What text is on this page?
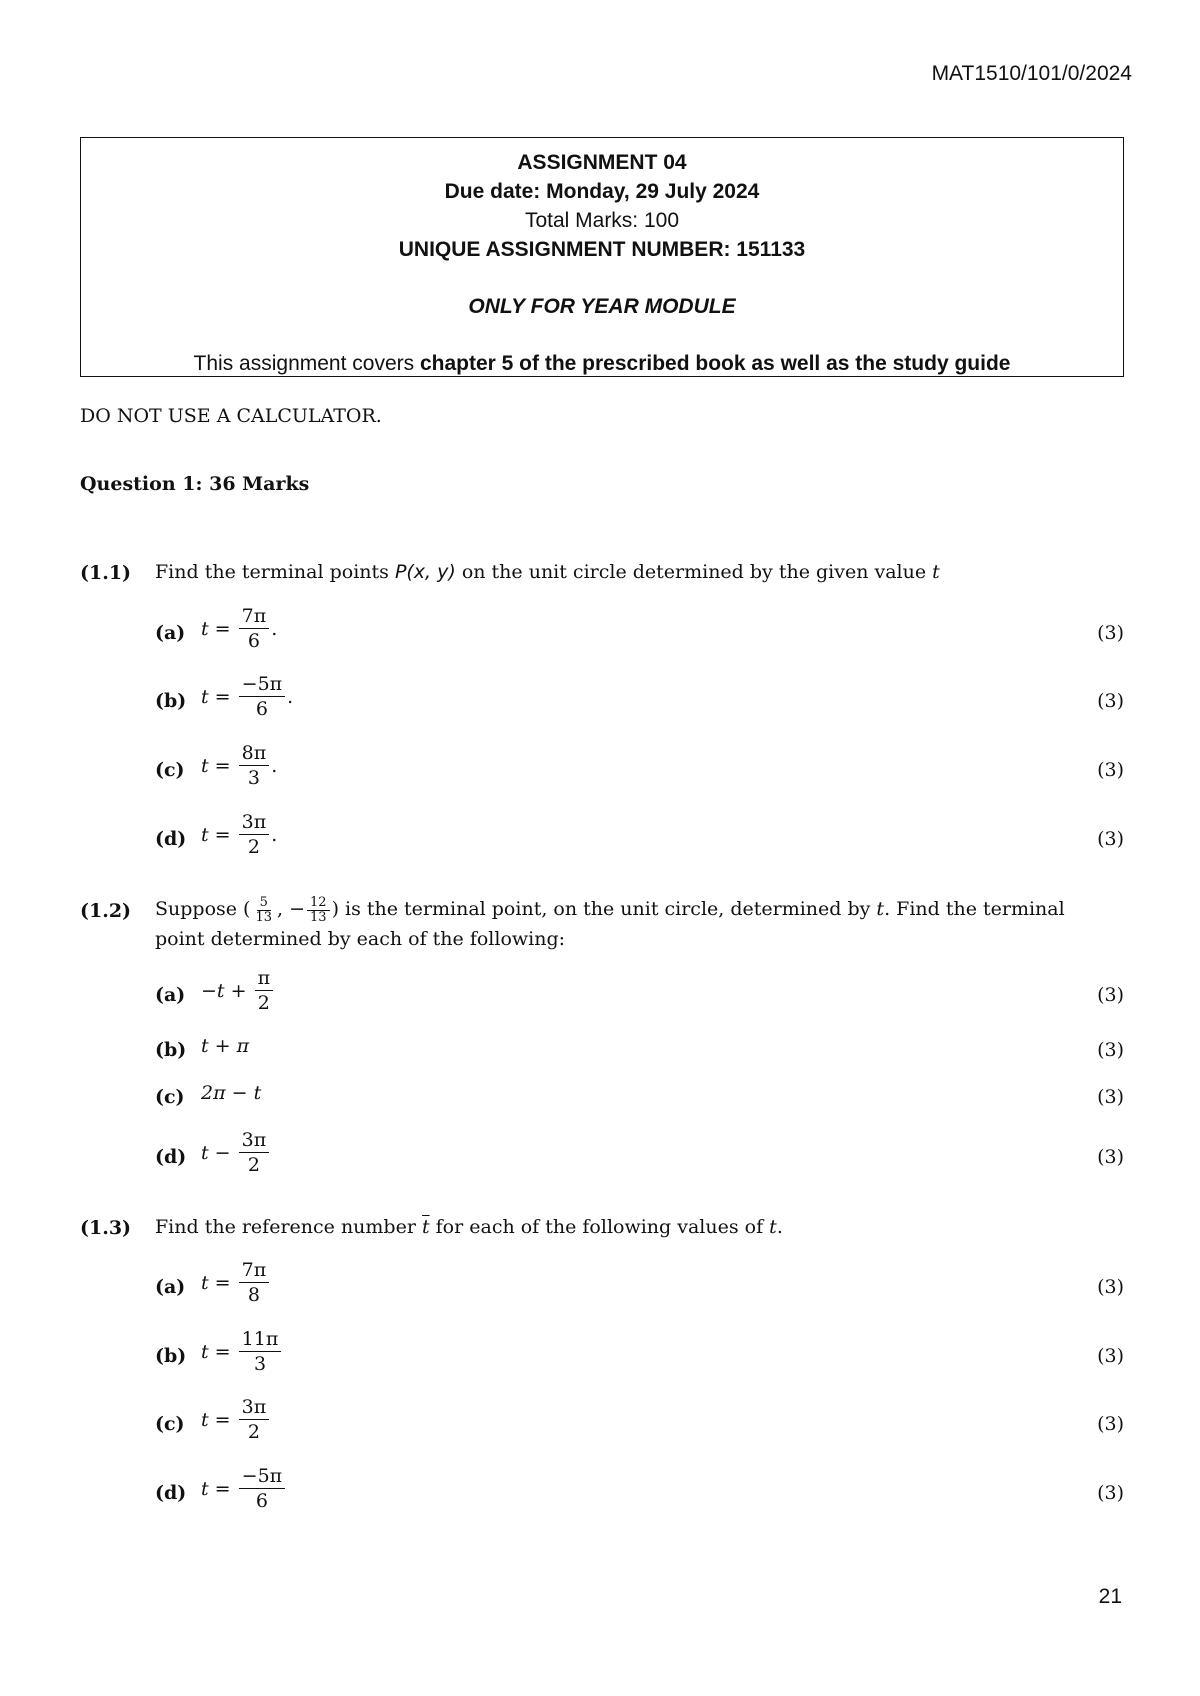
MAT1510/101/0/2024
ASSIGNMENT 04
Due date: Monday, 29 July 2024
Total Marks: 100
UNIQUE ASSIGNMENT NUMBER: 151133
ONLY FOR YEAR MODULE
This assignment covers chapter 5 of the prescribed book as well as the study guide
DO NOT USE A CALCULATOR.
Question 1: 36 Marks
(1.1) Find the terminal points P(x, y) on the unit circle determined by the given value t
(a) t =
$\frac{7\pi}{6}$ .	(3)
(b) t =
$\frac{-5\pi}{6}$ .	(3)
(c) t =
$\frac{8\pi}{3}$ .	(3)
(d) t =
$\frac{3\pi}{2}$ .	(3)
(1.2) Suppose ( $\frac{5}{13}$ , − $\frac{12}{13}$ ) is the terminal point, on the unit circle, determined by t. Find the terminal point determined by each of the following:
(a) −t +
$\frac{\pi}{2}$	(3)
(b) t + π	(3)
(c) 2π − t	(3)
(d) t −
$\frac{3\pi}{2}$	(3)
(1.3) Find the reference number $\overline{t}$ for each of the following values of t.
(a) t =
$\frac{7\pi}{8}$	(3)
(b) t =
$\frac{11\pi}{3}$	(3)
(c) t =
$\frac{3\pi}{2}$	(3)
(d) t =
$\frac{-5\pi}{6}$	(3)
21
